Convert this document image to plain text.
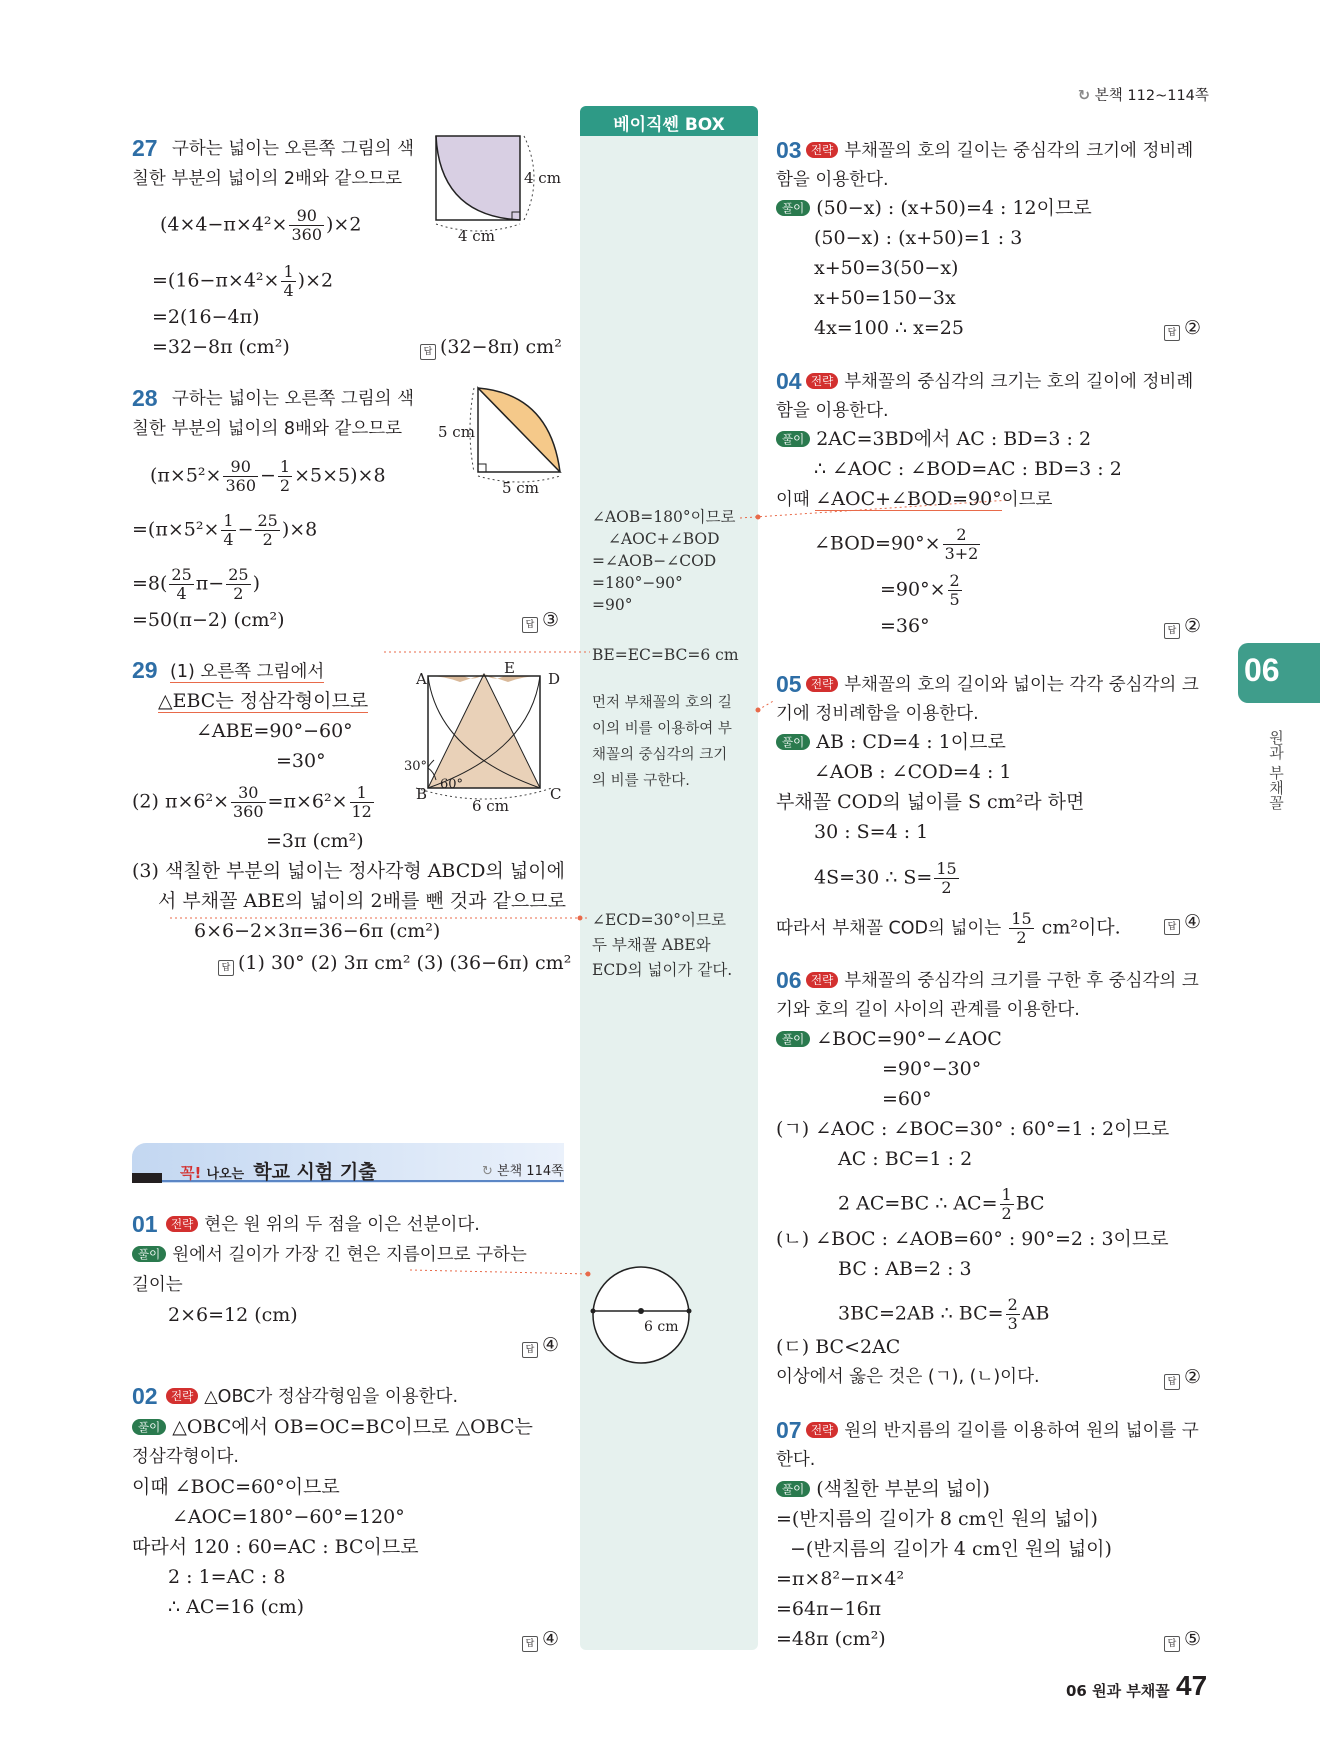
↻ 본책 112~114쪽
베이직쎈 BOX
06
원과 부채꼴
27 구하는 넓이는 오른쪽 그림의 색
칠한 부분의 넓이의 2배와 같으므로	4 cm
4 cm
$(4\times 4-\pi\times 4^2\times \frac{90}{360} )\times 2$
$=(16-\pi\times 4^2\times \frac{1}{4} )\times 2$
=2(16−4π)
=32−8π (cm²)	답 (32−8π) cm²
28 구하는 넓이는 오른쪽 그림의 색
칠한 부분의 넓이의 8배와 같으므로 5 cm
5 cm
$(\pi\times 5^2\times \frac{90}{360} - \frac{1}{2} \times 5\times 5)\times 8$
$=(\pi\times 5^2\times \frac{1}{4} - \frac{25}{2} )\times 8$
$=8( \frac{25}{4} \pi- \frac{25}{2}$ )
=50(π−2) (cm²)	답 ③
29 (1) 오른쪽 그림에서
△EBC는 정삼각형이므로
∠ABE=90°−60°
=30°
(2) $\pi\times 6^2\times \frac{30}{360} =\pi\times 6^2\times \frac{1}{12}$
=3π (cm²)
(3) 색칠한 부분의 넓이는 정사각형 ABCD의 넓이에
서 부채꼴 ABE의 넓이의 2배를 뺀 것과 같으므로
6×6−2×3π=36−6π (cm²)
답 (1) 30° (2) 3π cm² (3) (36−6π) cm²
A
E
D
B	C
30°
60°
6 cm
꼭! 나오는 학교 시험 기출	↻ 본책 114쪽
01	전략 현은 원 위의 두 점을 이은 선분이다.
풀이 원에서 길이가 가장 긴 현은 지름이므로 구하는
길이는
2×6=12 (cm)
답 ④
02	전략 △OBC가 정삼각형임을 이용한다.
풀이 △OBC에서 OB=OC=BC이므로 △OBC는
정삼각형이다.
이때 ∠BOC=60°이므로
∠AOC=180°−60°=120°
따라서 120 : 60=AC : BC이므로
2 : 1=AC : 8
∴ AC=16 (cm)
답 ④
∠AOB=180°이므로
∠AOC+∠BOD
=∠AOB−∠COD
=180°−90°
=90°
BE=EC=BC=6 cm
먼저 부채꼴의 호의 길
이의 비를 이용하여 부
채꼴의 중심각의 크기
의 비를 구한다.
∠ECD=30°이므로
두 부채꼴 ABE와
ECD의 넓이가 같다.
6 cm
03 전략 부채꼴의 호의 길이는 중심각의 크기에 정비례
함을 이용한다.
풀이 (50−x) : (x+50)=4 : 12이므로
(50−x) : (x+50)=1 : 3
x+50=3(50−x)
x+50=150−3x
4x=100 ∴ x=25	답 ②
04 전략 부채꼴의 중심각의 크기는 호의 길이에 정비례
함을 이용한다.
풀이 2AC=3BD에서 AC : BD=3 : 2
∴ ∠AOC : ∠BOD=AC : BD=3 : 2
이때 ∠AOC+∠BOD=90°이므로
∠BOD=90°× $\frac{2}{3+2}$
$=90^\circ\times \frac{2}{5}$
=36°	답 ②
05 전략 부채꼴의 호의 길이와 넓이는 각각 중심각의 크
기에 정비례함을 이용한다.
풀이 AB : CD=4 : 1이므로
∠AOB : ∠COD=4 : 1
부채꼴 COD의 넓이를 S cm²라 하면
30 : S=4 : 1
4S=30 ∴ $S= \frac{15}{2}$
따라서 부채꼴 COD의 넓이는 $\frac{15}{2} cm^2$이다.	답 ④
06 전략 부채꼴의 중심각의 크기를 구한 후 중심각의 크
기와 호의 길이 사이의 관계를 이용한다.
풀이 ∠BOC=90°−∠AOC
=90°−30°
=60°
(ㄱ) ∠AOC : ∠BOC=30° : 60°=1 : 2이므로
AC : BC=1 : 2
2 AC=BC ∴ $AC= \frac{1}{2}$ BC
(ㄴ) ∠BOC : ∠AOB=60° : 90°=2 : 3이므로
BC : AB=2 : 3
3BC=2AB ∴ $BC= \frac{2}{3}$ AB
(ㄷ) BC<2AC
이상에서 옳은 것은 (ㄱ), (ㄴ)이다.	답 ②
07 전략 원의 반지름의 길이를 이용하여 원의 넓이를 구
한다.
풀이 (색칠한 부분의 넓이)
=(반지름의 길이가 8 cm인 원의 넓이)
−(반지름의 길이가 4 cm인 원의 넓이)
=π×8²−π×4²
=64π−16π
=48π (cm²)	답 ⑤
06 원과 부채꼴 47
